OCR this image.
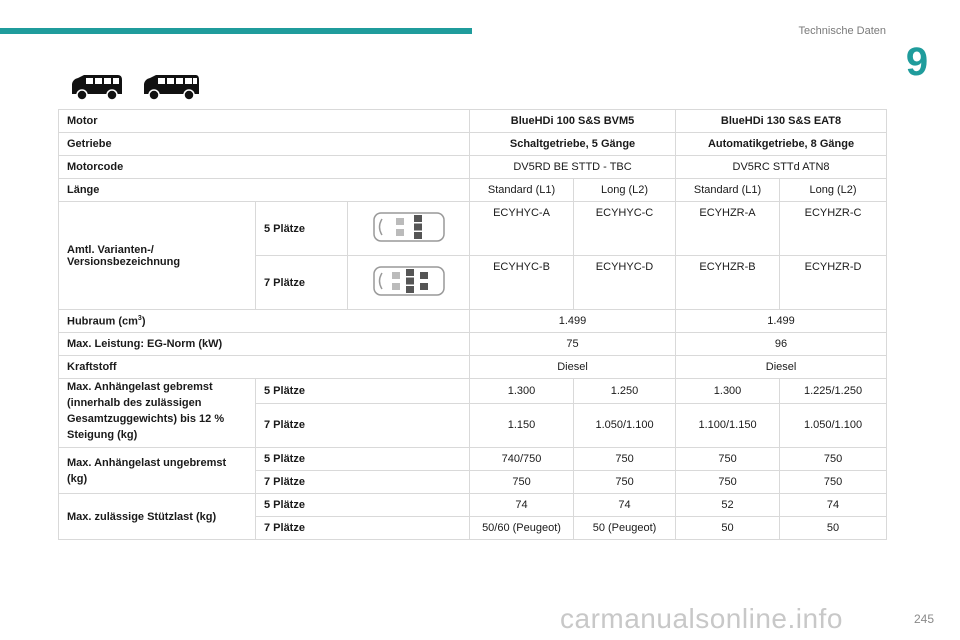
Technische Daten
9

Motor			BlueHDi 100 S&S BVM5		BlueHDi 130 S&S EAT8	
Getriebe			Schaltgetriebe, 5 Gänge		Automatikgetriebe, 8 Gänge	
Motorcode			DV5RD BE STTD - TBC		DV5RC STTd ATN8	
Länge			Standard (L1)	Long (L2)	Standard (L1)	Long (L2)
Amtl. Varianten-/ Versionsbezeichnung	5 Plätze		ECYHYC-A	ECYHYC-C	ECYHZR-A	ECYHZR-C
	7 Plätze		ECYHYC-B	ECYHYC-D	ECYHZR-B	ECYHZR-D
Hubraum $(cm^3)$			1.499		1.499	
Max. Leistung: EG-Norm (kW)			75		96	
Kraftstoff			Diesel		Diesel	
Max. Anhängelast gebremst (innerhalb des zulässigen Gesamtzuggewichts) bis 12 % Steigung (kg)	5 Plätze		1.300	1.250	1.300	1.225/1.250
	7 Plätze		1.150	1.050/1.100	1.100/1.150	1.050/1.100
Max. Anhängelast ungebremst (kg)	5 Plätze		740/750	750	750	750
	7 Plätze		750	750	750	750
Max. zulässige Stützlast (kg)	5 Plätze		74	74	52	74
	7 Plätze		50/60 (Peugeot)	50 (Peugeot)	50	50
carmanualsonline.info	245
